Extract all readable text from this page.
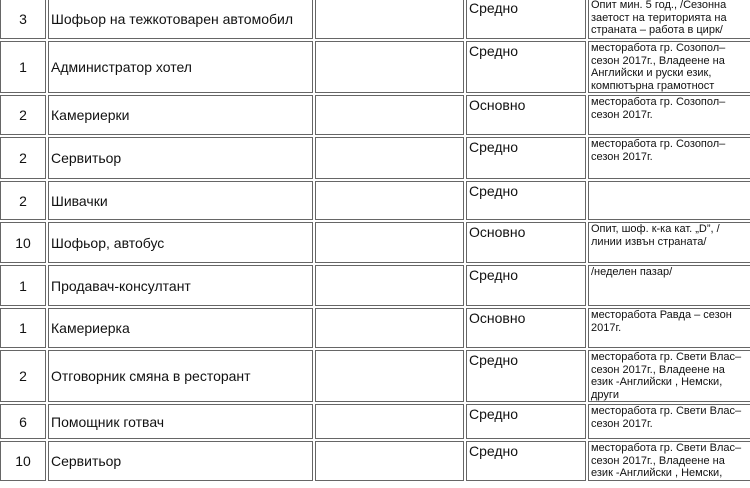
3	Шофьор на тежкотоварен автомобил		Средно	Опит мин. 5 год., /Сезонна заетост на територията на страната – работа в цирк/
1	Администратор хотел		Средно	месторабота гр. Созопол– сезон 2017г., Владеене на Английски и руски език, компютърна грамотност
2	Камериерки		Основно	месторабота гр. Созопол– сезон 2017г.
2	Сервитьор		Средно	месторабота гр. Созопол– сезон 2017г.
2	Шивачки		Средно	
10	Шофьор, автобус		Основно	Опит, шоф. к-ка кат. „D”, /линии извън страната/
1	Продавач-консултант		Средно	/неделен пазар/
1	Камериерка		Основно	месторабота Равда – сезон 2017г.
2	Отговорник смяна в ресторант		Средно	месторабота гр. Свети Влас– сезон 2017г., Владеене на език -Английски , Немски, други
6	Помощник готвач		Средно	месторабота гр. Свети Влас– сезон 2017г.
10	Сервитьор		Средно	месторабота гр. Свети Влас– сезон 2017г., Владеене на език -Английски , Немски,
